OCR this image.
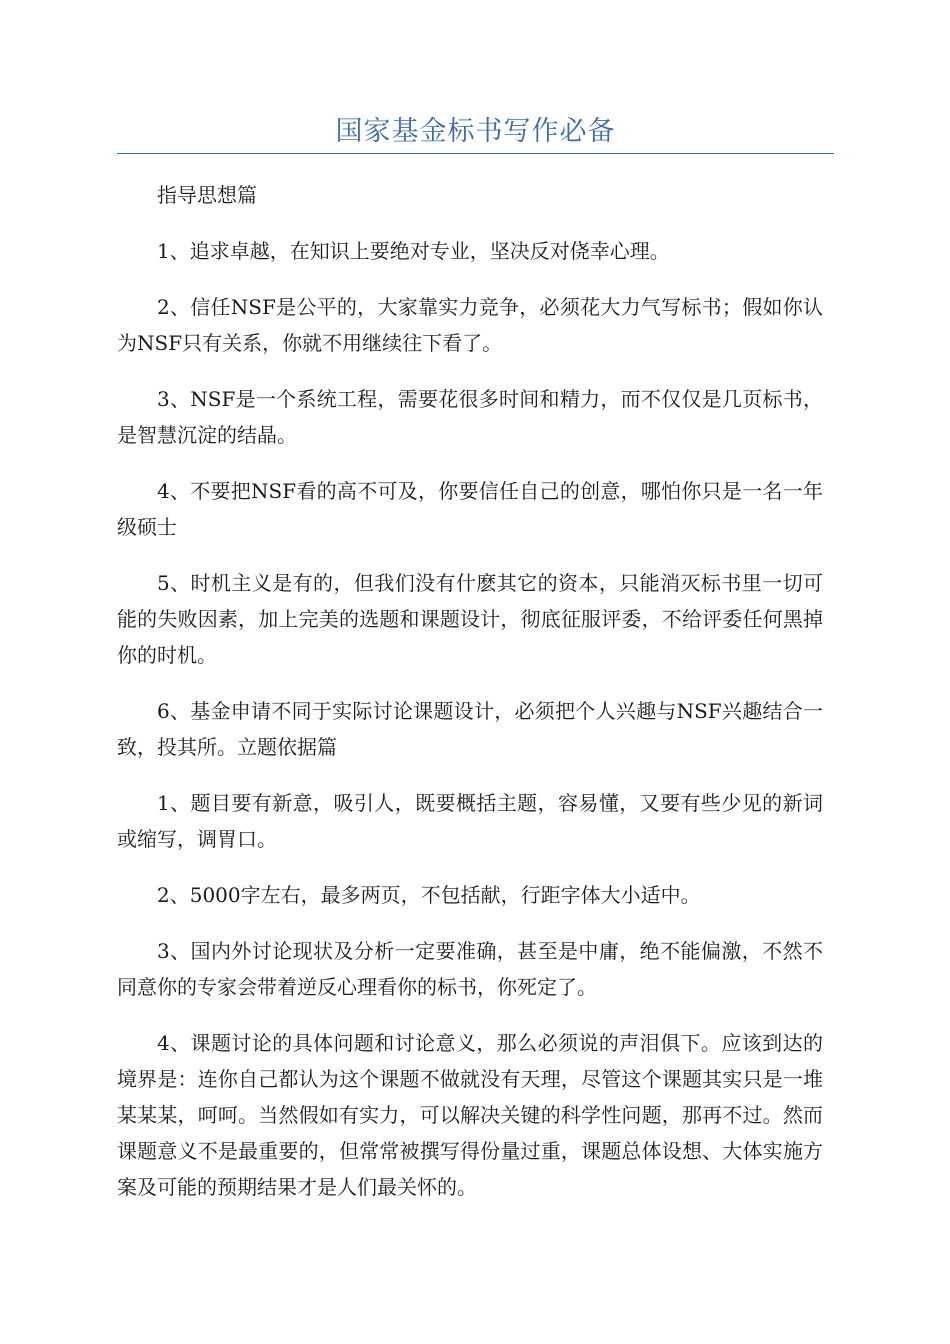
国家基金标书写作必备

指导思想篇

1、追求卓越，在知识上要绝对专业，坚决反对侥幸心理。

2、信任NSF是公平的，大家靠实力竞争，必须花大力气写标书；假如你认为NSF只有关系，你就不用继续往下看了。

3、NSF是一个系统工程，需要花很多时间和精力，而不仅仅是几页标书，是智慧沉淀的结晶。

4、不要把NSF看的高不可及，你要信任自己的创意，哪怕你只是一名一年级硕士

5、时机主义是有的，但我们没有什麽其它的资本，只能消灭标书里一切可能的失败因素，加上完美的选题和课题设计，彻底征服评委，不给评委任何黑掉你的时机。

6、基金申请不同于实际讨论课题设计，必须把个人兴趣与NSF兴趣结合一致，投其所。立题依据篇

1、题目要有新意，吸引人，既要概括主题，容易懂，又要有些少见的新词或缩写，调胃口。

2、5000字左右，最多两页，不包括献，行距字体大小适中。

3、国内外讨论现状及分析一定要准确，甚至是中庸，绝不能偏激，不然不同意你的专家会带着逆反心理看你的标书，你死定了。

4、课题讨论的具体问题和讨论意义，那么必须说的声泪俱下。应该到达的境界是：连你自己都认为这个课题不做就没有天理，尽管这个课题其实只是一堆某某某，呵呵。当然假如有实力，可以解决关键的科学性问题，那再不过。然而课题意义不是最重要的，但常常被撰写得份量过重，课题总体设想、大体实施方案及可能的预期结果才是人们最关怀的。
